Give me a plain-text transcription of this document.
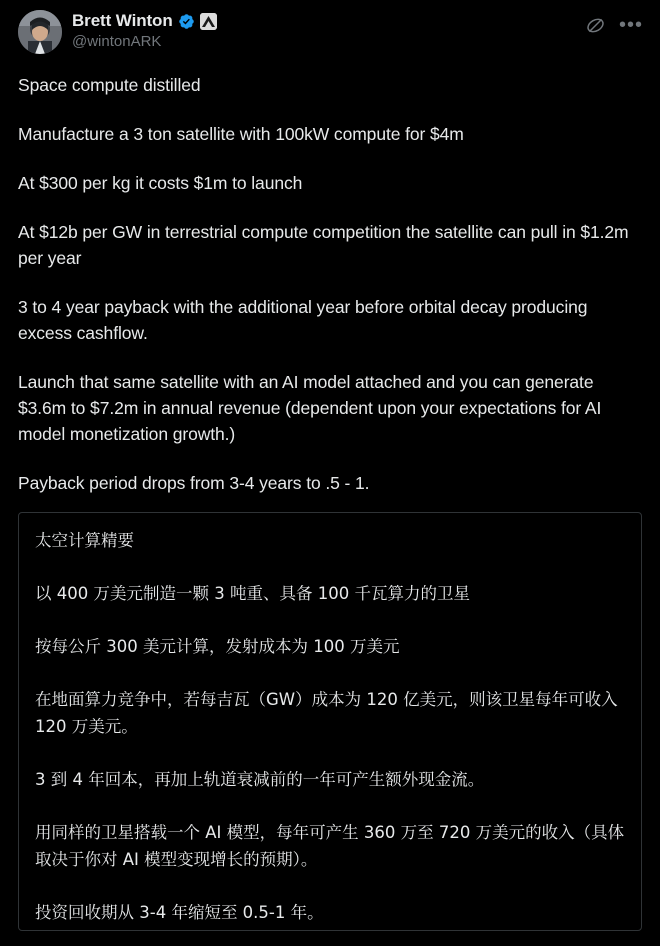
Brett Winton
@wintonARK
•••

Space compute distilled

Manufacture a 3 ton satellite with 100kW compute for $4m

At $300 per kg it costs $1m to launch

At $12b per GW in terrestrial compute competition the satellite can pull in $1.2m per year

3 to 4 year payback with the additional year before orbital decay producing excess cashflow.

Launch that same satellite with an AI model attached and you can generate $3.6m to $7.2m in annual revenue (dependent upon your expectations for AI model monetization growth.)

Payback period drops from 3-4 years to .5 - 1.

太空计算精要

以 400 万美元制造一颗 3 吨重、具备 100 千瓦算力的卫星

按每公斤 300 美元计算，发射成本为 100 万美元

在地面算力竞争中，若每吉瓦（GW）成本为 120 亿美元，则该卫星每年可收入 120 万美元。

3 到 4 年回本，再加上轨道衰减前的一年可产生额外现金流。

用同样的卫星搭载一个 AI 模型，每年可产生 360 万至 720 万美元的收入（具体取决于你对 AI 模型变现增长的预期）。

投资回收期从 3-4 年缩短至 0.5-1 年。
